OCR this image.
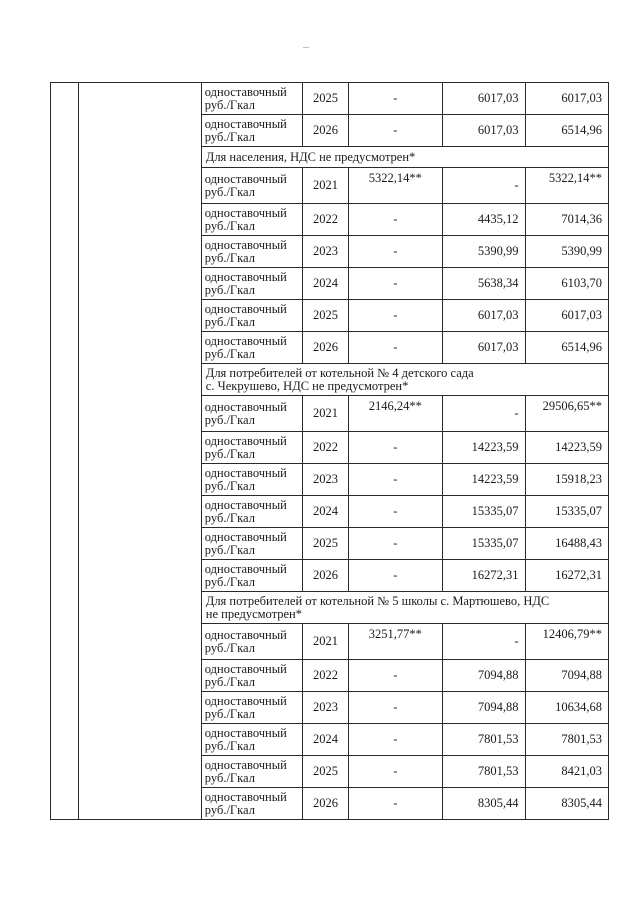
		одноставочный
руб./Гкал	2025	-	6017,03	6017,03

		одноставочный
руб./Гкал	2026	-	6017,03	6514,96

		Для населения, НДС не предусмотрен*				

		одноставочный
руб./Гкал	2021	5322,14**	-	5322,14**

		одноставочный
руб./Гкал	2022	-	4435,12	7014,36

		одноставочный
руб./Гкал	2023	-	5390,99	5390,99

		одноставочный
руб./Гкал	2024	-	5638,34	6103,70

		одноставочный
руб./Гкал	2025	-	6017,03	6017,03

		одноставочный
руб./Гкал	2026	-	6017,03	6514,96

		Для потребителей от котельной № 4 детского сада
с. Чекрушево, НДС не предусмотрен*				

		одноставочный
руб./Гкал	2021	2146,24**	-	29506,65**

		одноставочный
руб./Гкал	2022	-	14223,59	14223,59

		одноставочный
руб./Гкал	2023	-	14223,59	15918,23

		одноставочный
руб./Гкал	2024	-	15335,07	15335,07

		одноставочный
руб./Гкал	2025	-	15335,07	16488,43

		одноставочный
руб./Гкал	2026	-	16272,31	16272,31

		Для потребителей от котельной № 5 школы с. Мартюшево, НДС
не предусмотрен*				

		одноставочный
руб./Гкал	2021	3251,77**	-	12406,79**

		одноставочный
руб./Гкал	2022	-	7094,88	7094,88

		одноставочный
руб./Гкал	2023	-	7094,88	10634,68

		одноставочный
руб./Гкал	2024	-	7801,53	7801,53

		одноставочный
руб./Гкал	2025	-	7801,53	8421,03

		одноставочный
руб./Гкал	2026	-	8305,44	8305,44
